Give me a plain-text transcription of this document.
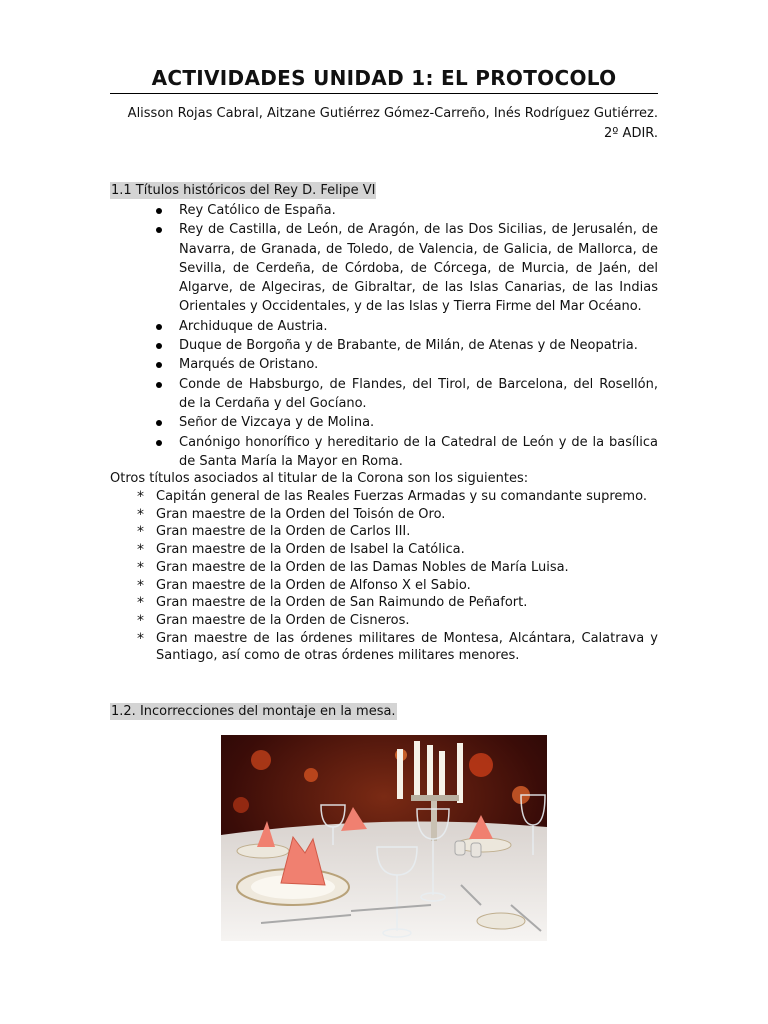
ACTIVIDADES UNIDAD 1: EL PROTOCOLO
Alisson Rojas Cabral, Aitzane Gutiérrez Gómez-Carreño, Inés Rodríguez Gutiérrez.
2º ADIR.
1.1 Títulos históricos del Rey D. Felipe VI
Rey Católico de España.
Rey de Castilla, de León, de Aragón, de las Dos Sicilias, de Jerusalén, de Navarra, de Granada, de Toledo, de Valencia, de Galicia, de Mallorca, de Sevilla, de Cerdeña, de Córdoba, de Córcega, de Murcia, de Jaén, del Algarve, de Algeciras, de Gibraltar, de las Islas Canarias, de las Indias Orientales y Occidentales, y de las Islas y Tierra Firme del Mar Océano.
Archiduque de Austria.
Duque de Borgoña y de Brabante, de Milán, de Atenas y de Neopatria.
Marqués de Oristano.
Conde de Habsburgo, de Flandes, del Tirol, de Barcelona, del Rosellón, de la Cerdaña y del Gocíano.
Señor de Vizcaya y de Molina.
Canónigo honorífico y hereditario de la Catedral de León y de la basílica de Santa María la Mayor en Roma.
Otros títulos asociados al titular de la Corona son los siguientes:
* Capitán general de las Reales Fuerzas Armadas y su comandante supremo.
* Gran maestre de la Orden del Toisón de Oro.
* Gran maestre de la Orden de Carlos III.
* Gran maestre de la Orden de Isabel la Católica.
* Gran maestre de la Orden de las Damas Nobles de María Luisa.
* Gran maestre de la Orden de Alfonso X el Sabio.
* Gran maestre de la Orden de San Raimundo de Peñafort.
* Gran maestre de la Orden de Cisneros.
* Gran maestre de las órdenes militares de Montesa, Alcántara, Calatrava y Santiago, así como de otras órdenes militares menores.
1.2. Incorrecciones del montaje en la mesa.
